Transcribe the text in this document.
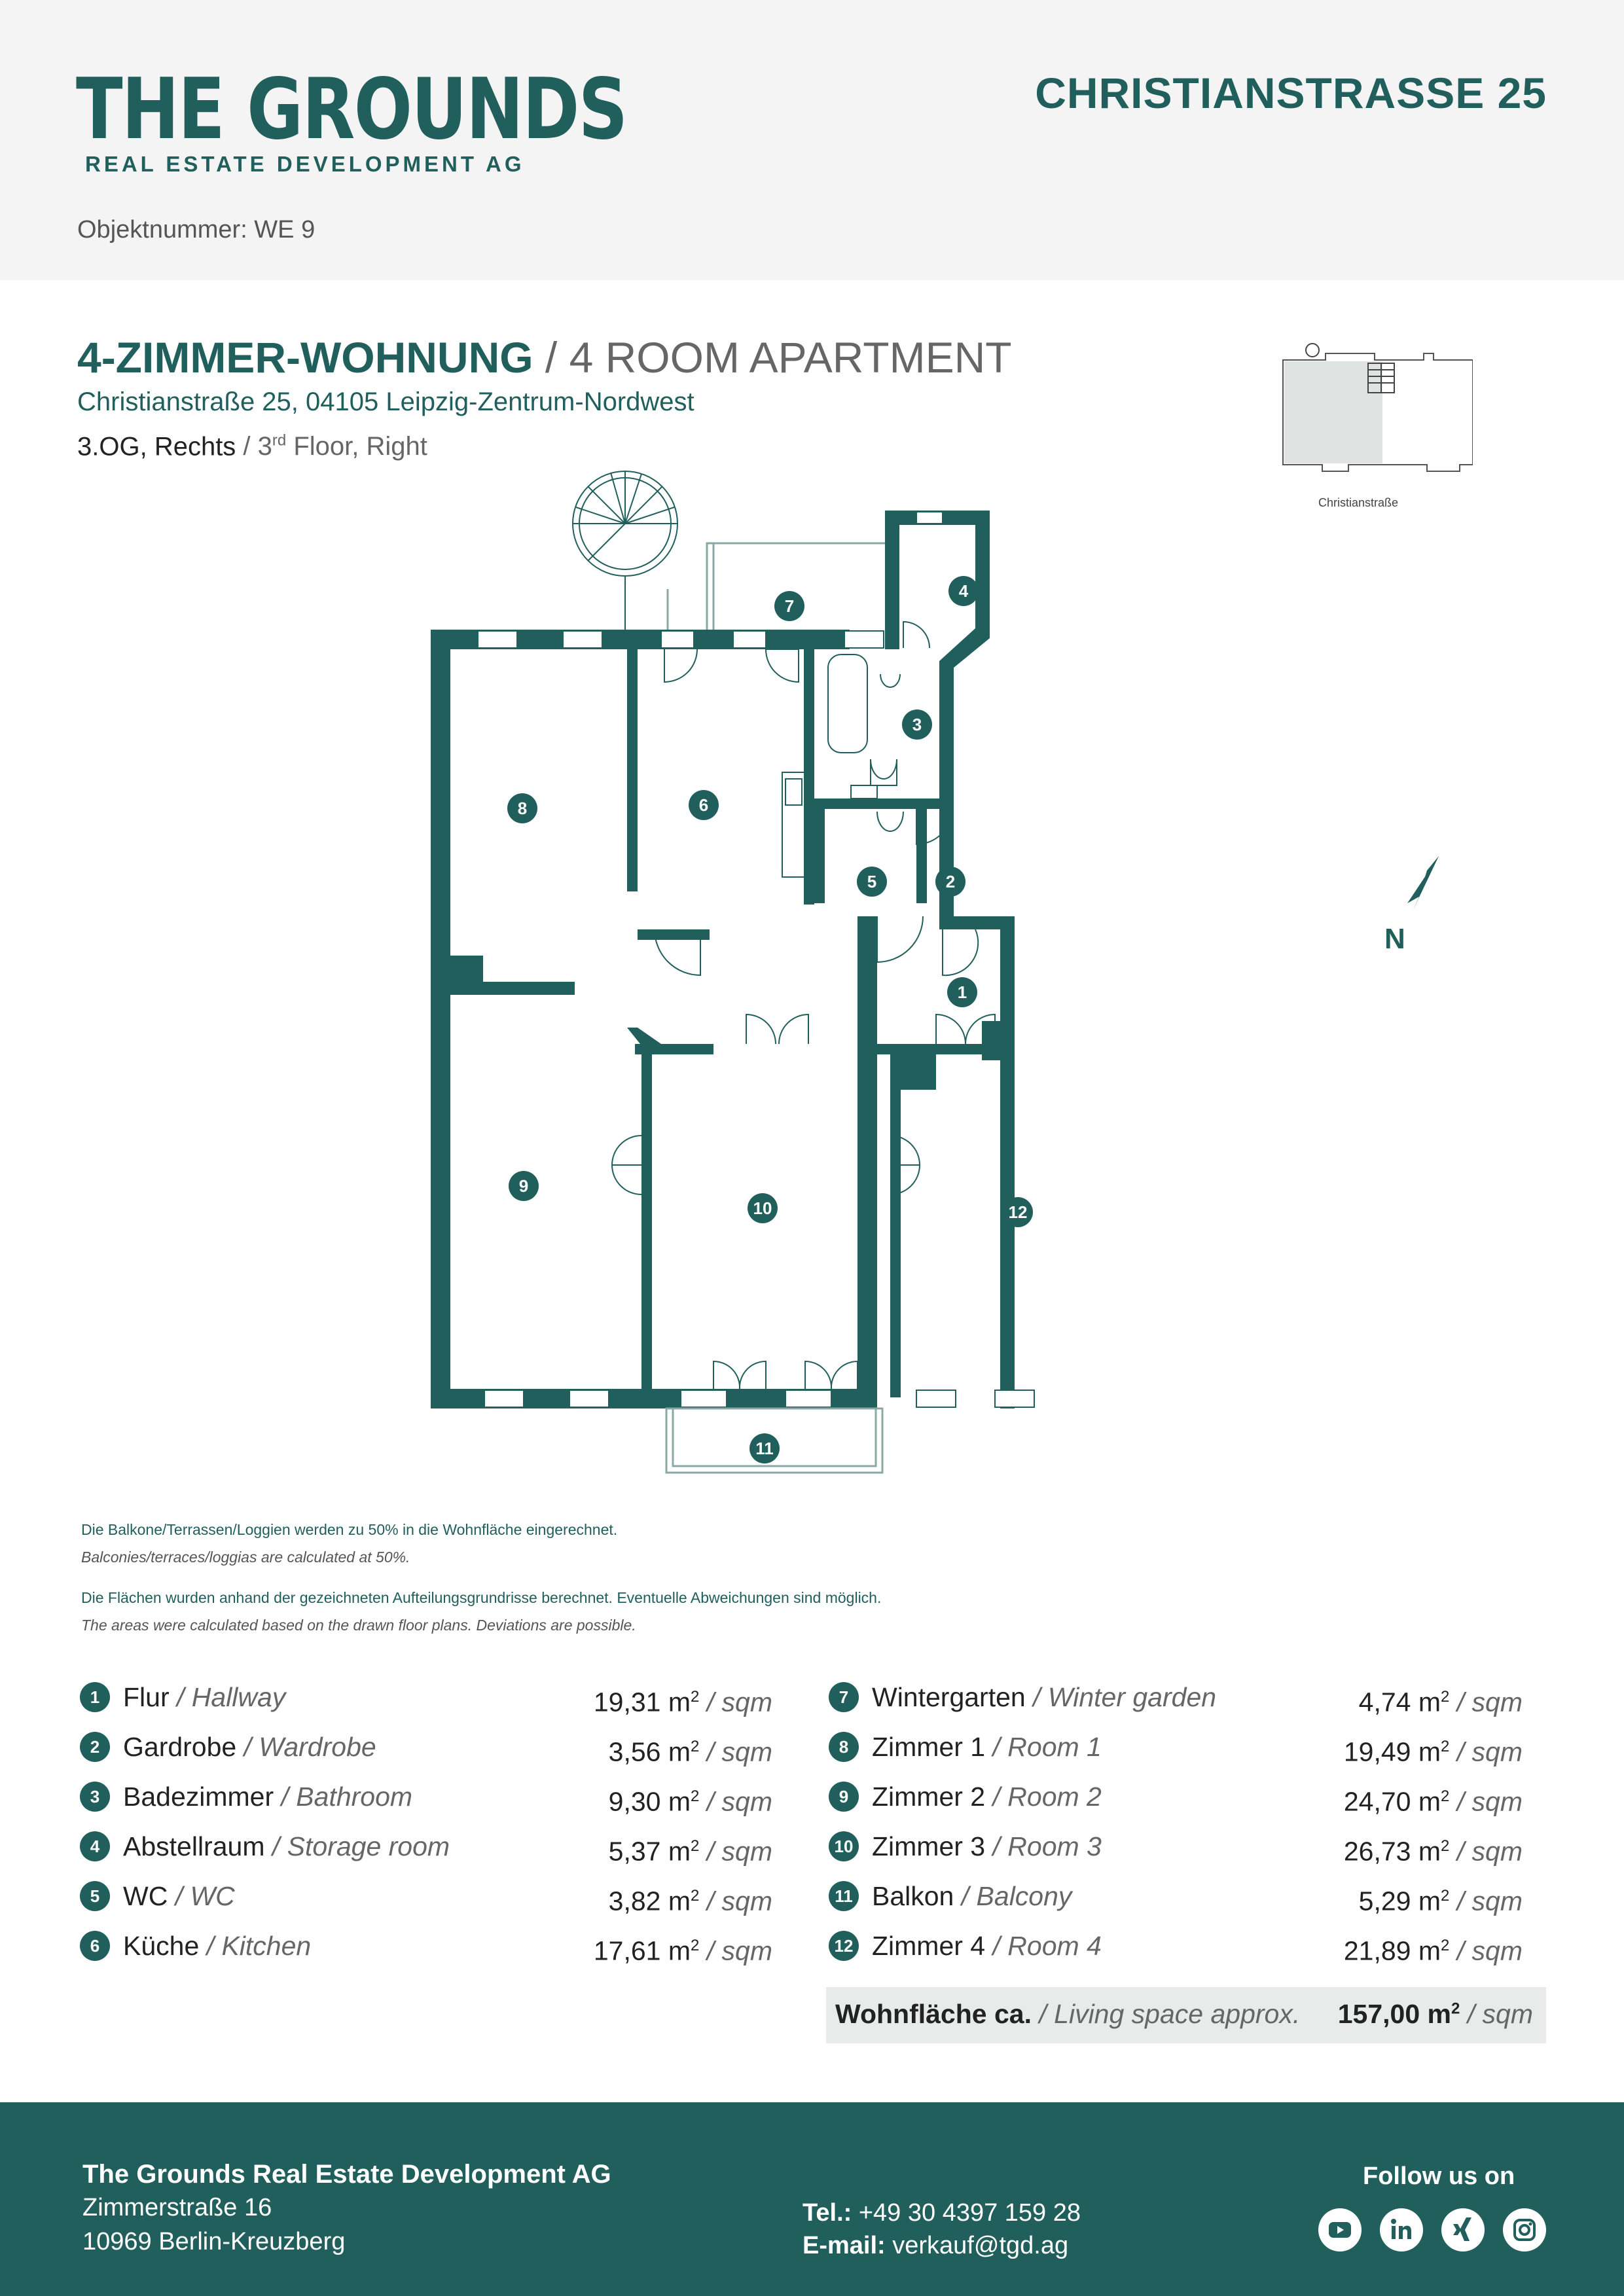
THE GROUNDS
REAL ESTATE DEVELOPMENT AG
CHRISTIANSTRASSE 25
Objektnummer: WE 9
4-ZIMMER-WOHNUNG / 4 ROOM APARTMENT
Christianstraße 25, 04105 Leipzig-Zentrum-Nordwest
3.OG, Rechts / 3rd Floor, Right
Christianstraße
1
2
3
4
5
6
7
8
9
10
11
12
N
Die Balkone/Terrassen/Loggien werden zu 50% in die Wohnfläche eingerechnet.
Balconies/terraces/loggias are calculated at 50%.
Die Flächen wurden anhand der gezeichneten Aufteilungsgrundrisse berechnet. Eventuelle Abweichungen sind möglich.
The areas were calculated based on the drawn floor plans. Deviations are possible.
1 Flur / Hallway	19,31 $m^2$ / sqm
2 Gardrobe / Wardrobe	3,56 $m^2$ / sqm
3 Badezimmer / Bathroom	9,30 $m^2$ / sqm
4 Abstellraum / Storage room	5,37 $m^2$ / sqm
5 WC / WC	3,82 $m^2$ / sqm
6 Küche / Kitchen	17,61 $m^2$ / sqm
7 Wintergarten / Winter garden	4,74 $m^2$ / sqm
8 Zimmer 1 / Room 1	19,49 $m^2$ / sqm
9 Zimmer 2 / Room 2	24,70 $m^2$ / sqm
10 Zimmer 3 / Room 3	26,73 $m^2$ / sqm
11 Balkon / Balcony	5,29 $m^2$ / sqm
12 Zimmer 4 / Room 4	21,89 $m^2$ / sqm
Wohnfläche ca. / Living space approx. 157,00 $m^2$ / sqm
The Grounds Real Estate Development AG
Zimmerstraße 16
10969 Berlin-Kreuzberg
Tel.: +49 30 4397 159 28
E-mail: verkauf@tgd.ag
Follow us on
